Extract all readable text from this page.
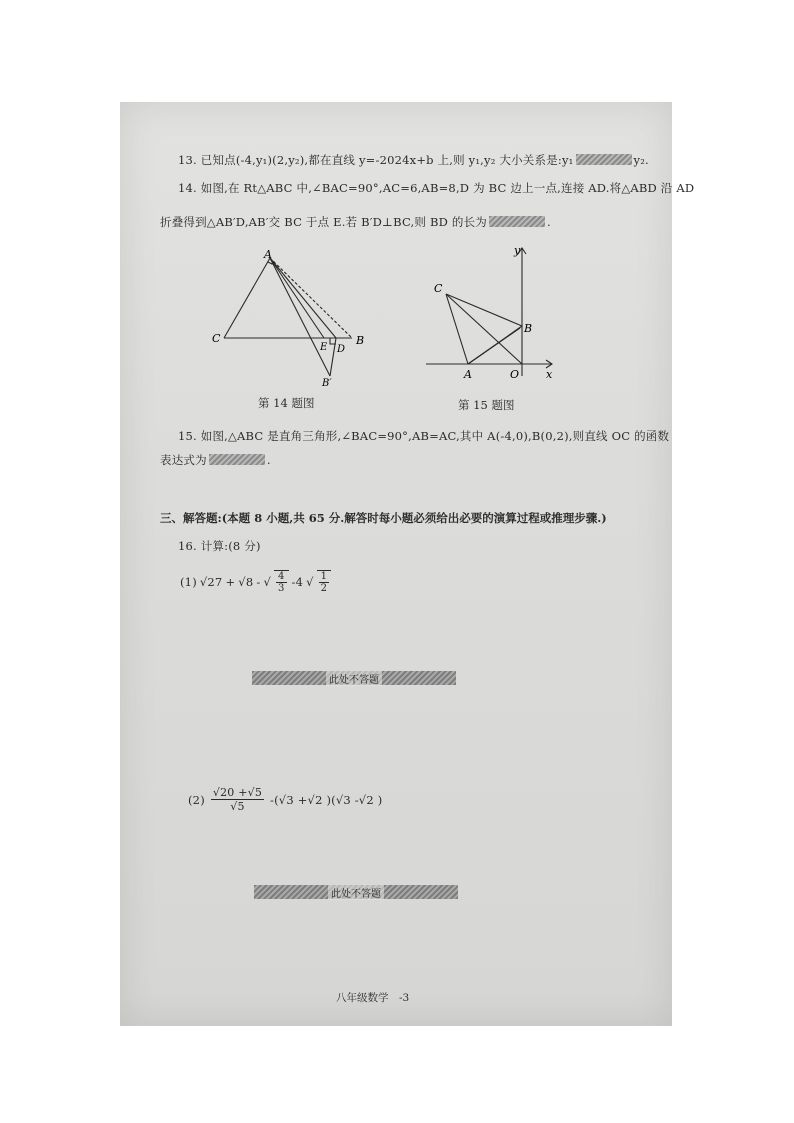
13. 已知点(-4,y₁)(2,y₂),都在直线 y=-2024x+b 上,则 y₁,y₂ 大小关系是:y₁	y₂.
14. 如图,在 Rt△ABC 中,∠BAC=90°,AC=6,AB=8,D 为 BC 边上一点,连接 AD.将△ABD 沿 AD
折叠得到△AB′D,AB′交 BC 于点 E.若 B′D⊥BC,则 BD 的长为	.
A
C
E D
B
B′
第 14 题图
y
C
B
A	O x
第 15 题图
15. 如图,△ABC 是直角三角形,∠BAC=90°,AB=AC,其中 A(-4,0),B(0,2),则直线 OC 的函数
表达式为	.
三、解答题:(本题 8 小题,共 65 分.解答时每小题必须给出必要的演算过程或推理步骤.)
16. 计算:(8 分)
(1) √27 + √8 - √ $\frac{4}{3} -4$ √ $\frac{1}{2}$
此处不答题
$(2) \frac{√20 +√5}{√5} -(√3 +√2$ )(√3 -√2 )
此处不答题
八年级数学　-3
